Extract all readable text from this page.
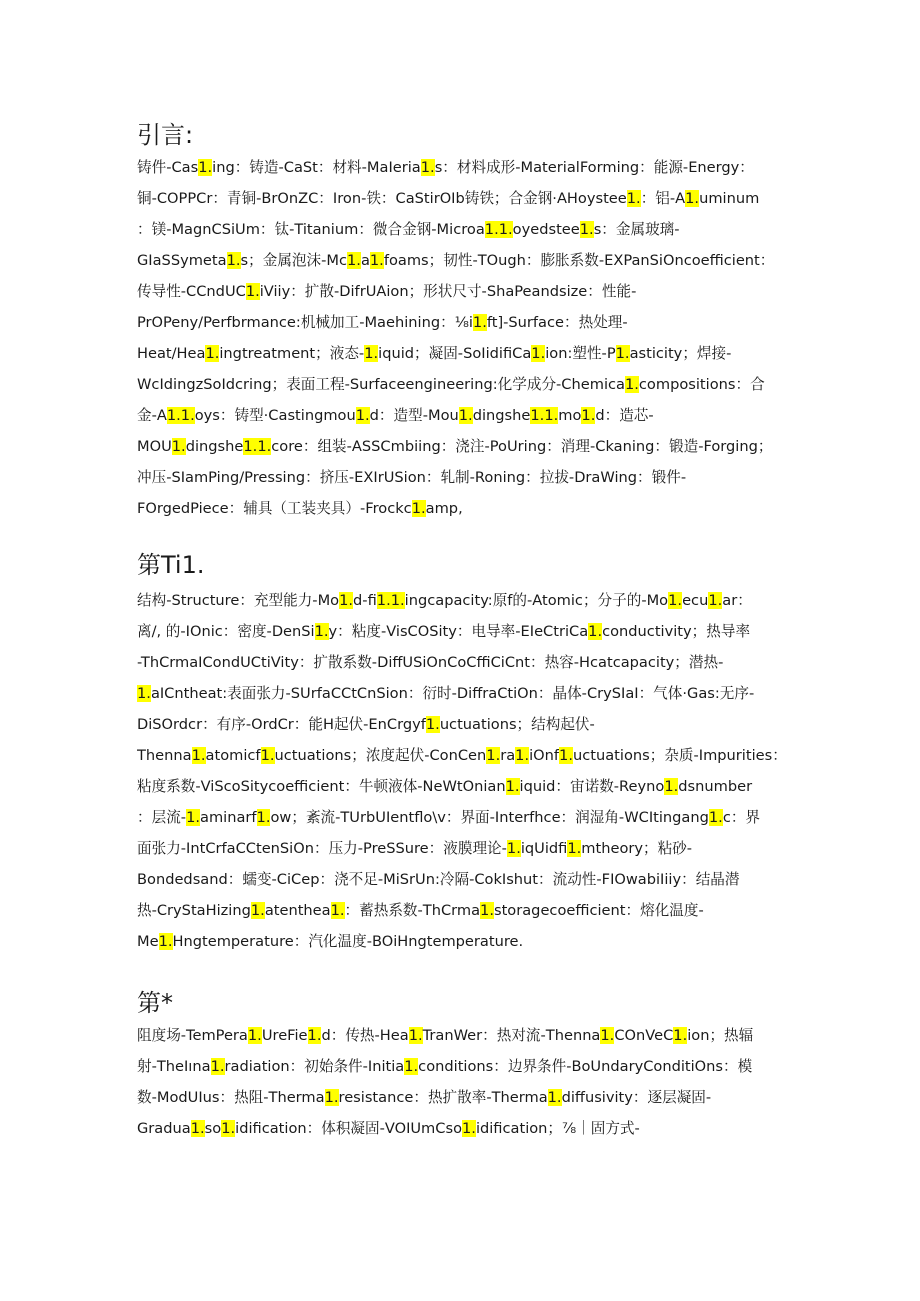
引言:
铸件-Cas1.ing：铸造-CaSt：材料-MaIeria1.s：材料成形-MaterialForming：能源-Energy：
铜-COPPCr：青铜-BrOnZC：Iron-铁：CaStirOIb铸铁；合金钢·AHoystee1.：铝-A1.uminum
：镁-MagnCSiUm：钛-Titanium：微合金钢-Microa1.1.oyedstee1.s：金属玻璃-
GIaSSymeta1.s；金属泡沫-Mc1.a1.foams；韧性-TOugh：膨胀系数-EXPanSiOncoefficient：
传导性-CCndUC1.iViiy：扩散-DifrUAion；形状尺寸-ShaPeandsize：性能-
PrOPeny/Perfbrmance:机械加工-Maehining：⅛i1.ft]-Surface：热处理-
Heat/Hea1.ingtreatment；液态-1.iquid；凝固-SoIidifiCa1.ion:塑性-P1.asticity；焊接-
WcIdingzSoIdcring；表面工程-Surfaceengineering:化学成分-Chemica1.compositions：合
金-A1.1.oys：铸型·Castingmou1.d：造型-Mou1.dingshe1.1.mo1.d：造芯-
MOU1.dingshe1.1.core：组装-ASSCmbiing：浇注-PoUring：消理-Ckaning：锻造-Forging；
冲压-SIamPing/Pressing：挤压-EXIrUSion：轧制-Roning：拉拔-DraWing：锻件-
FOrgedPiece：辅具（工装夹具）-Frockc1.amp,
第Ti1.
结构-Structure：充型能力-Mo1.d-fi1.1.ingcapacity:原f的-Atomic；分子的-Mo1.ecu1.ar：
离/, 的-IOnic：密度-DenSi1.y：粘度-VisCOSity：电导率-EIeCtriCa1.conductivity；热导率
-ThCrmaICondUCtiVity：扩散系数-DiffUSiOnCoCffiCiCnt：热容-Hcatcapacity；潜热-
1.aICntheat:表面张力-SUrfaCCtCnSion：衍时-DiffraCtiOn：晶体-CrySIaI：气体·Gas:无序-
DiSOrdcr：有序-OrdCr：能H起伏-EnCrgyf1.uctuations；结构起伏-
Thenna1.atomicf1.uctuations；浓度起伏-ConCen1.ra1.iOnf1.uctuations；杂质-Impurities：
粘度系数-ViScoSitycoefficient：牛顿液体-NeWtOnian1.iquid：宙诺数-Reyno1.dsnumber
：层流-1.aminarf1.ow；紊流-TUrbUIentflo\v：界面-Interfhce：润湿角-WCItingang1.c：界
面张力-IntCrfaCCtenSiOn：压力-PreSSure：液膜理论-1.iqUidfi1.mtheory；粘砂-
Bondedsand：蠕变-CiCep：浇不足-MiSrUn:冷隔-CokIshut：流动性-FIOwabiIiiy：结晶潜
热-CryStaHizing1.atenthea1.：蓄热系数-ThCrma1.storagecoefficient：熔化温度-
Me1.Hngtemperature：汽化温度-BOiHngtemperature.
第*
阻度场-TemPera1.UreFie1.d：传热-Hea1.TranWer：热对流-Thenna1.COnVeC1.ion；热辐
射-TheIına1.radiation：初始条件-Initia1.conditions：边界条件-BoUndaryConditiOns：模
数-ModUIus：热阻-Therma1.resistance：热扩散率-Therma1.diffusivity：逐层凝固-
Gradua1.so1.idification：体积凝固-VOIUmCso1.idification；⅞｜固方式-
